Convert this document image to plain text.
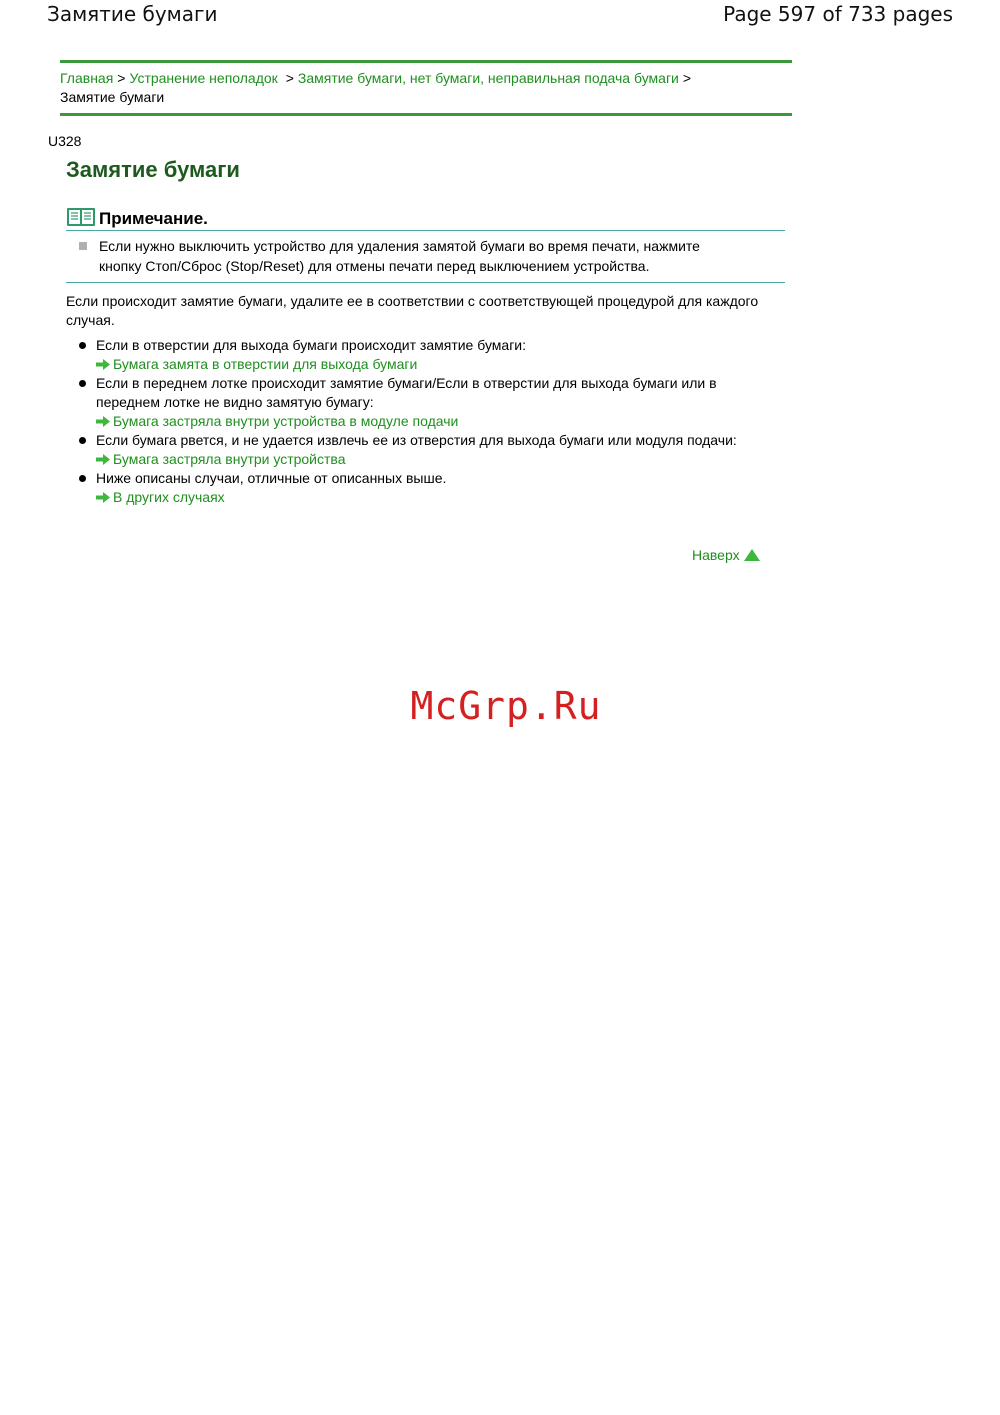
Замятие бумаги	Page 597 of 733 pages
Главная > Устранение неполадок > Замятие бумаги, нет бумаги, неправильная подача бумаги >
Замятие бумаги
U328
Замятие бумаги
Примечание.
Если нужно выключить устройство для удаления замятой бумаги во время печати, нажмите кнопку Стоп/Сброс (Stop/Reset) для отмены печати перед выключением устройства.

Если происходит замятие бумаги, удалите ее в соответствии с соответствующей процедурой для каждого случая.

Если в отверстии для выхода бумаги происходит замятие бумаги:
Бумага замята в отверстии для выхода бумаги
Если в переднем лотке происходит замятие бумаги/Если в отверстии для выхода бумаги или в переднем лотке не видно замятую бумагу:
Бумага застряла внутри устройства в модуле подачи
Если бумага рвется, и не удается извлечь ее из отверстия для выхода бумаги или модуля подачи:
Бумага застряла внутри устройства
Ниже описаны случаи, отличные от описанных выше.
В других случаях
Наверх
McGrp.Ru
